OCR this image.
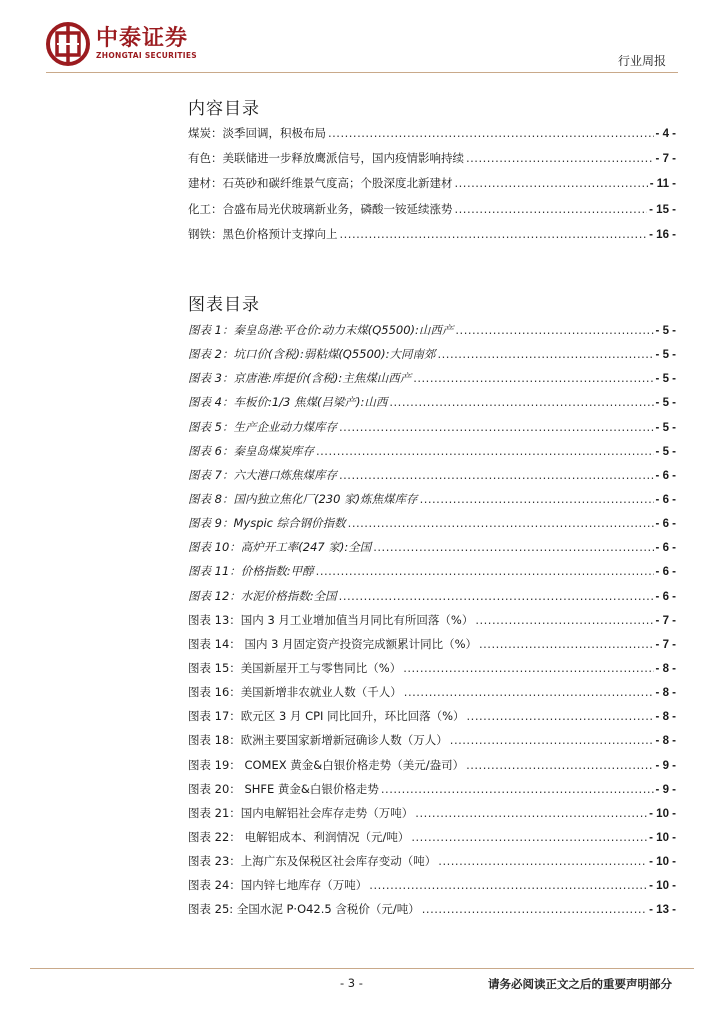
中泰证券
ZHONGTAI SECURITIES	行业周报
内容目录
煤炭：淡季回调，积极布局 .....	- 4 -
有色：美联储进一步释放鹰派信号，国内疫情影响持续 .....	- 7 -
建材：石英砂和碳纤维景气度高；个股深度北新建材 .....	- 11 -
化工：合盛布局光伏玻璃新业务，磷酸一铵延续涨势 .....	- 15 -
钢铁：黑色价格预计支撑向上 .....	- 16 -
图表目录
图表 1：秦皇岛港:平仓价:动力末煤(Q5500):山西产 .....	- 5 -
图表 2：坑口价(含税):弱粘煤(Q5500):大同南郊 .....	- 5 -
图表 3：京唐港:库提价(含税):主焦煤山西产 .....	- 5 -
图表 4：车板价:1/3 焦煤(吕梁产):山西 .....	- 5 -
图表 5：生产企业动力煤库存 .....	- 5 -
图表 6：秦皇岛煤炭库存 .....	- 5 -
图表 7：六大港口炼焦煤库存 .....	- 6 -
图表 8：国内独立焦化厂(230 家)炼焦煤库存 .....	- 6 -
图表 9：Myspic 综合钢价指数 .....	- 6 -
图表 10：高炉开工率(247 家):全国 .....	- 6 -
图表 11：价格指数:甲醇 .....	- 6 -
图表 12：水泥价格指数:全国 .....	- 6 -
图表 13：国内 3 月工业增加值当月同比有所回落（%） .....	- 7 -
图表 14： 国内 3 月固定资产投资完成额累计同比（%） .....	- 7 -
图表 15：美国新屋开工与零售同比（%） .....	- 8 -
图表 16：美国新增非农就业人数（千人） .....	- 8 -
图表 17：欧元区 3 月 CPI 同比回升，环比回落（%） .....	- 8 -
图表 18：欧洲主要国家新增新冠确诊人数（万人） .....	- 8 -
图表 19： COMEX 黄金&白银价格走势（美元/盎司） .....	- 9 -
图表 20： SHFE 黄金&白银价格走势 .....	- 9 -
图表 21：国内电解铝社会库存走势（万吨） .....	- 10 -
图表 22： 电解铝成本、利润情况（元/吨） .....	- 10 -
图表 23：上海广东及保税区社会库存变动（吨） .....	- 10 -
图表 24：国内锌七地库存（万吨） .....	- 10 -
图表 25: 全国水泥 P·O42.5 含税价（元/吨） .....	- 13 -
- 3 -	请务必阅读正文之后的重要声明部分
